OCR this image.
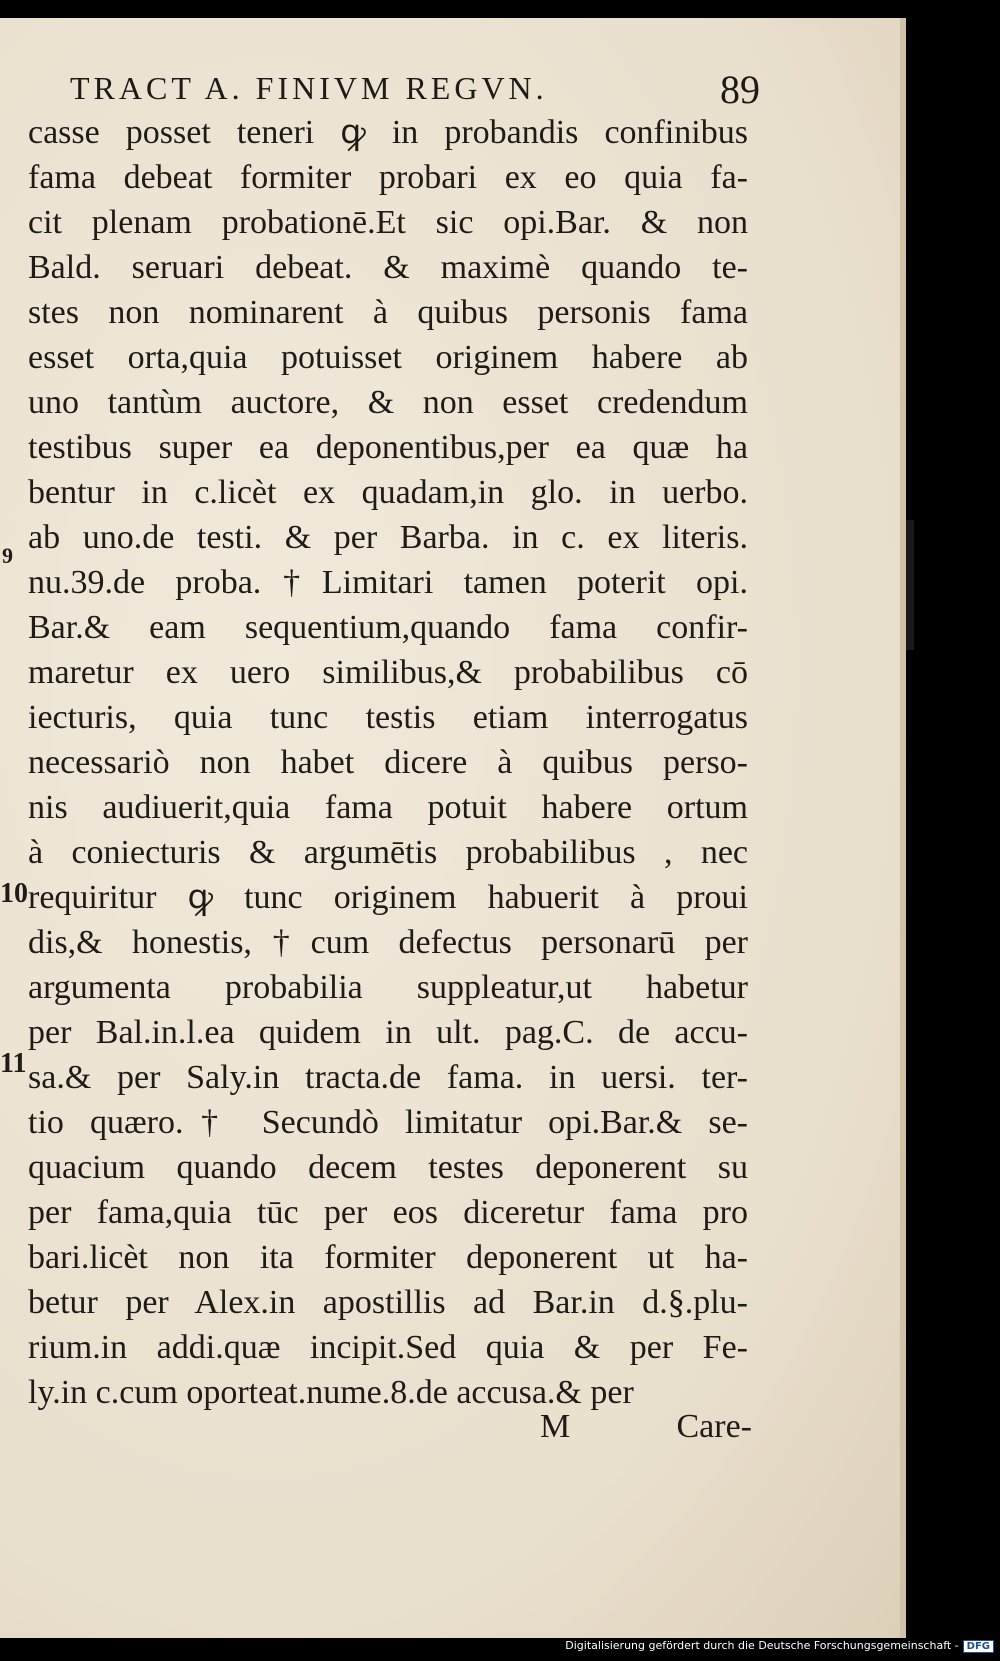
TRACT A. FINIVM REGVN.	89
casse posset teneri ꝙ in probandis confinibus
fama debeat formiter probari ex eo quia fa-
cit plenam probationē.Et sic opi.Bar. & non
Bald. seruari debeat. & maximè quando te-
stes non nominarent à quibus personis fama
esset orta,quia potuisset originem habere ab
uno tantùm auctore, & non esset credendum
testibus super ea deponentibus,per ea quæ ha
bentur in c.licèt ex quadam,in glo. in uerbo.
ab uno.de testi. & per Barba. in c. ex literis.
nu.39.de proba.†Limitari tamen poterit opi.
Bar.& eam sequentium,quando fama confir-
maretur ex uero similibus,& probabilibus cō
iecturis, quia tunc testis etiam interrogatus
necessariò non habet dicere à quibus perso-
nis audiuerit,quia fama potuit habere ortum
à coniecturis & argumētis probabilibus , nec
requiritur ꝙ tunc originem habuerit à proui
dis,& honestis,†cum defectus personarū per
argumenta probabilia suppleatur,ut habetur
per Bal.in.l.ea quidem in ult. pag.C. de accu-
sa.& per Saly.in tracta.de fama. in uersi. ter-
tio quæro.† Secundò limitatur opi.Bar.& se-
quacium quando decem testes deponerent su
per fama,quia tūc per eos diceretur fama pro
bari.licèt non ita formiter deponerent ut ha-
betur per Alex.in apostillis ad Bar.in d.§.plu-
rium.in addi.quæ incipit.Sed quia & per Fe-
ly.in c.cum oporteat.nume.8.de accusa.& per
9
10
11
M	Care-
Digitalisierung gefördert durch die Deutsche Forschungsgemeinschaft - DFG
